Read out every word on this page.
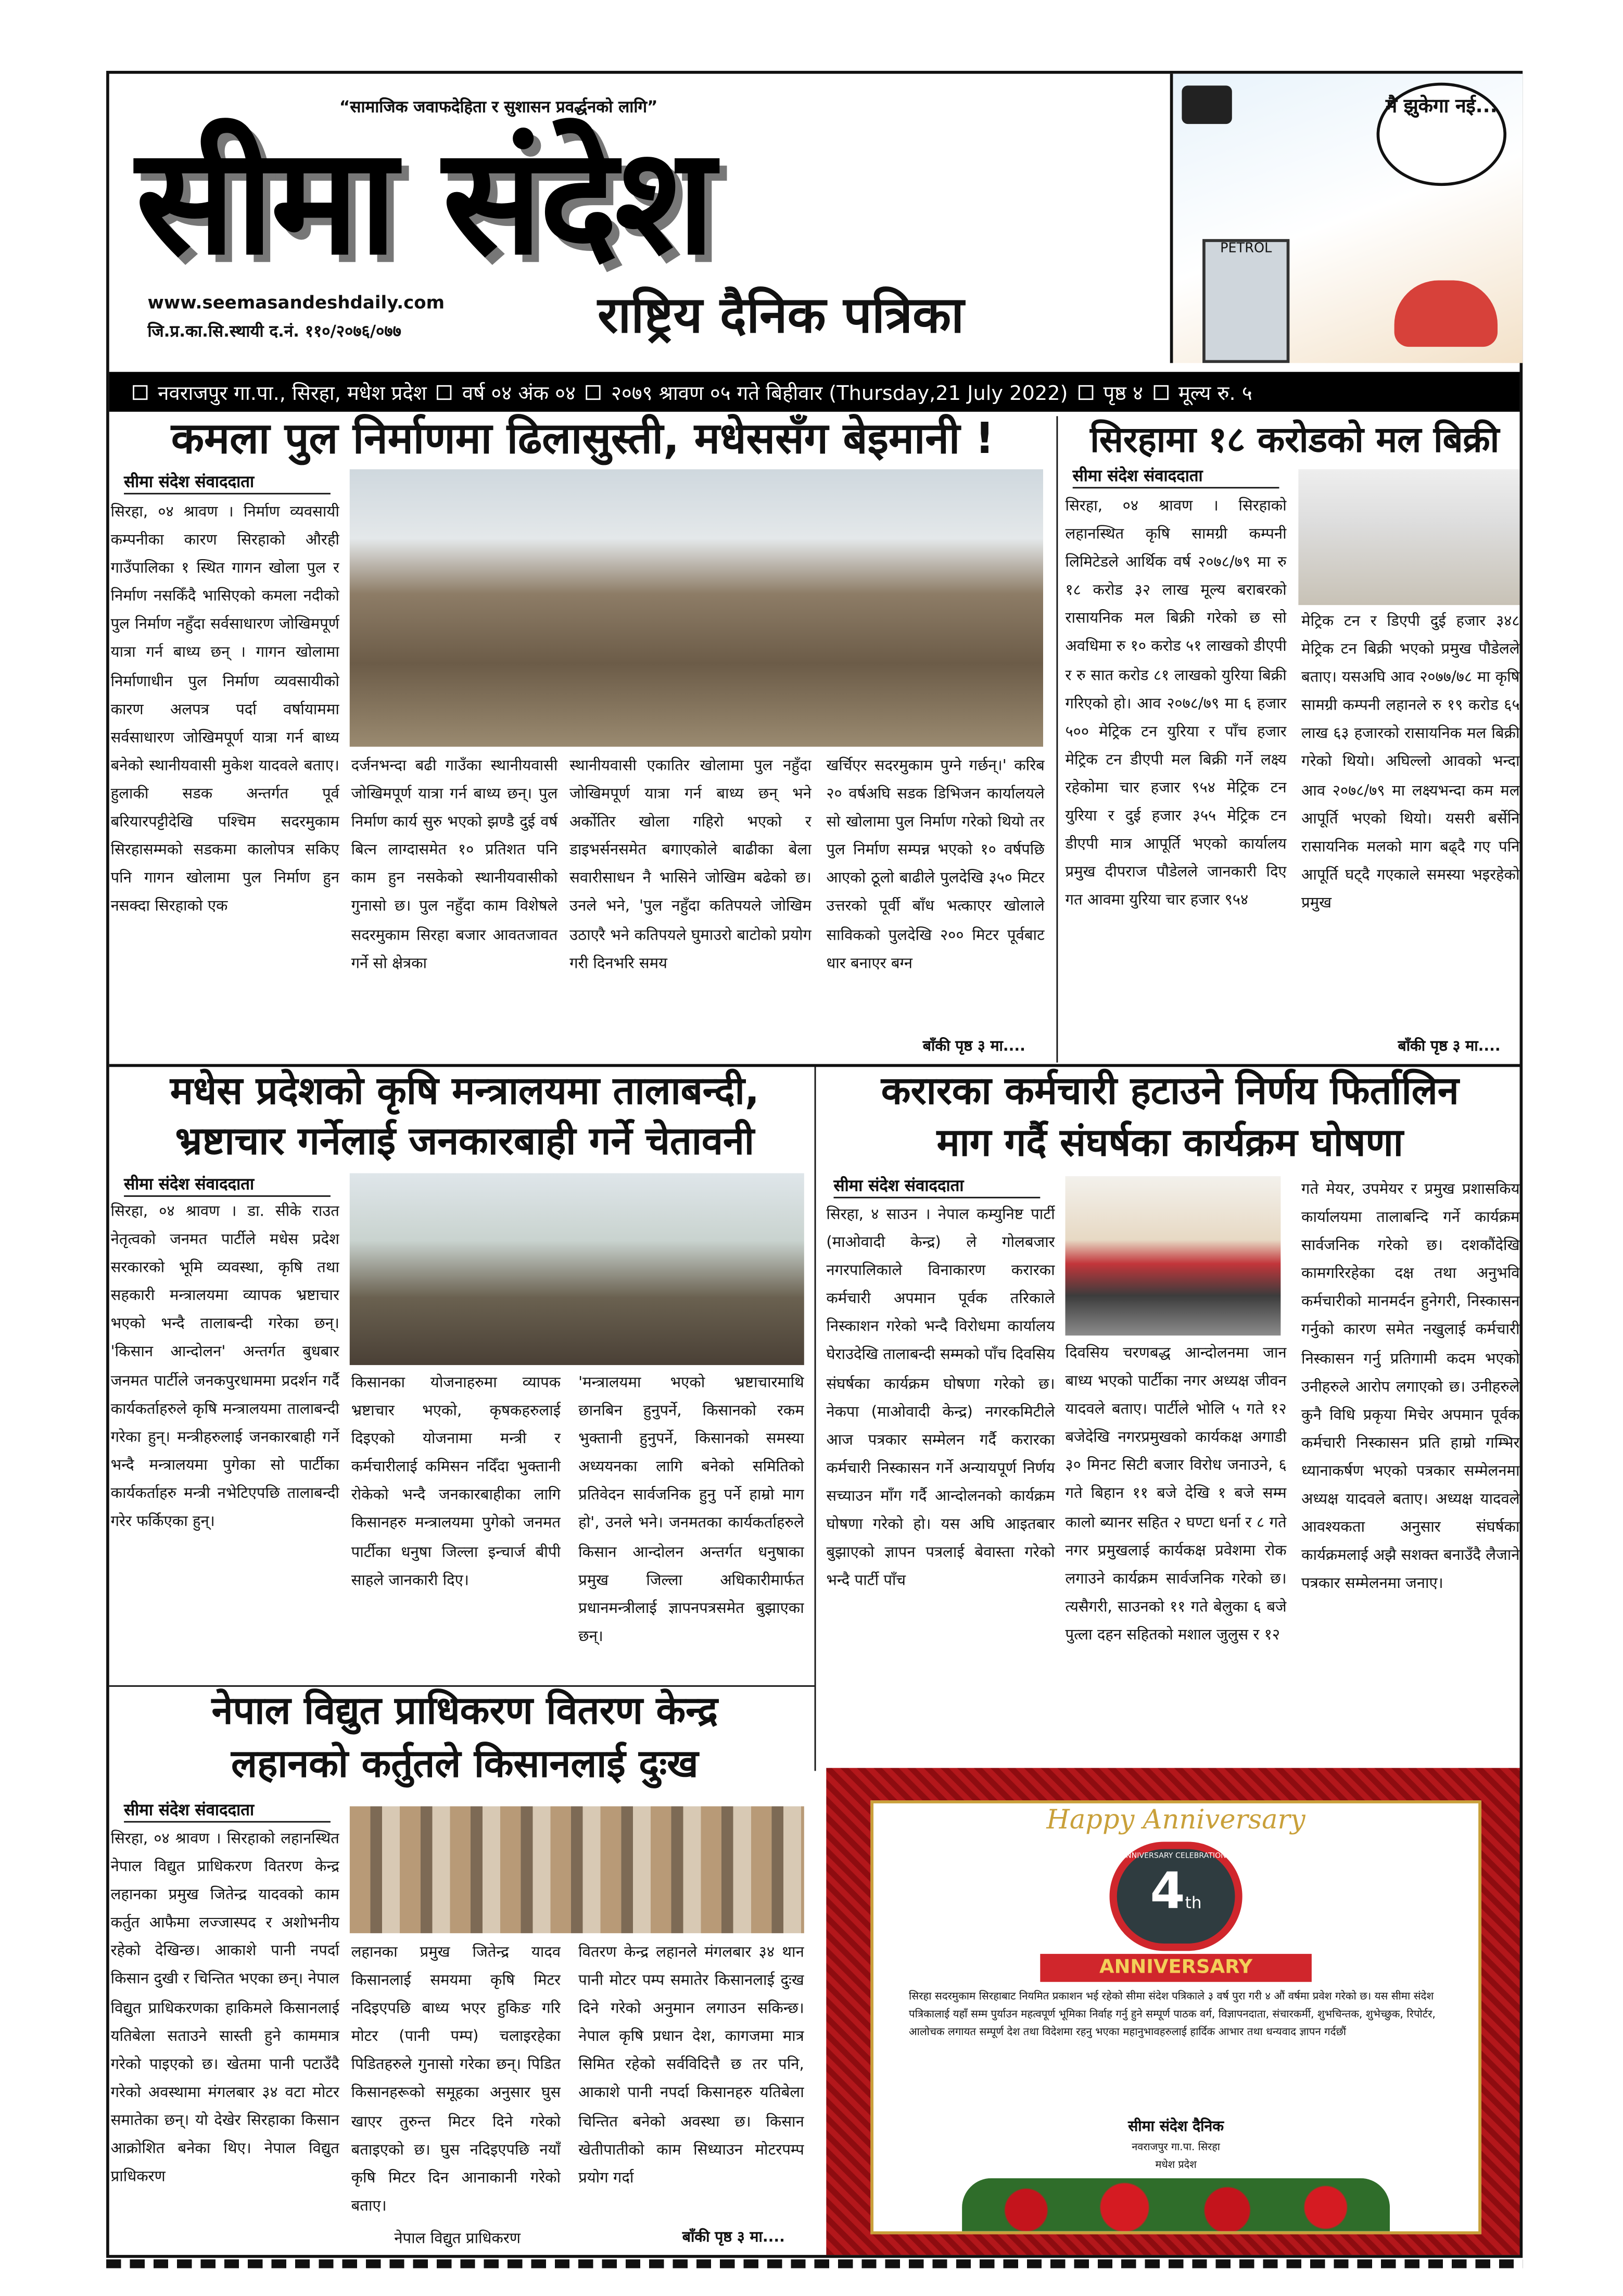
“सामाजिक जवाफदेहिता र सुशासन प्रवर्द्धनको लागि”
सीमा संदेश
www.seemasandeshdaily.com
जि.प्र.का.सि.स्थायी द.नं. ११०/२०७६/०७७	राष्ट्रिय दैनिक पत्रिका
मै झुकेगा नई...
PETROL
नवराजपुर गा.पा., सिरहा, मधेश प्रदेश	वर्ष ०४ अंक ०४	२०७९ श्रावण ०५ गते बिहीवार (Thursday,21 July 2022)	पृष्ठ ४	मूल्य रु. ५
कमला पुल निर्माणमा ढिलासुस्ती, मधेससँग बेइमानी !
सीमा संदेश संवाददाता
सिरहा, ०४ श्रावण । निर्माण व्यवसायी कम्पनीका कारण सिरहाको औरही गाउँपालिका १ स्थित गागन खोला पुल र निर्माण नसकिँदै भासिएको कमला नदीको पुल निर्माण नहुँदा सर्वसाधारण जोखिमपूर्ण यात्रा गर्न बाध्य छन् । गागन खोलामा निर्माणाधीन पुल निर्माण व्यवसायीको कारण अलपत्र पर्दा वर्षायाममा सर्वसाधारण जोखिमपूर्ण यात्रा गर्न बाध्य बनेको स्थानीयवासी मुकेश यादवले बताए। हुलाकी सडक अन्तर्गत पूर्व बरियारपट्टीदेखि पश्चिम सदरमुकाम सिरहासम्मको सडकमा कालोपत्र सकिए पनि गागन खोलामा पुल निर्माण हुन नसक्दा सिरहाको एक
दर्जनभन्दा बढी गाउँका स्थानीयवासी जोखिमपूर्ण यात्रा गर्न बाध्य छन्। पुल निर्माण कार्य सुरु भएको झण्डै दुई वर्ष बित्न लाग्दासमेत १० प्रतिशत पनि काम हुन नसकेको स्थानीयवासीको गुनासो छ। पुल नहुँदा काम विशेषले सदरमुकाम सिरहा बजार आवतजावत गर्ने सो क्षेत्रका
स्थानीयवासी एकातिर खोलामा पुल नहुँदा जोखिमपूर्ण यात्रा गर्न बाध्य छन् भने अर्कोतिर खोला गहिरो भएको र डाइभर्सनसमेत बगाएकोले बाढीका बेला सवारीसाधन नै भासिने जोखिम बढेको छ। उनले भने, 'पुल नहुँदा कतिपयले जोखिम उठाएरै भने कतिपयले घुमाउरो बाटोको प्रयोग गरी दिनभरि समय
खर्चिएर सदरमुकाम पुग्ने गर्छन्।' करिब २० वर्षअघि सडक डिभिजन कार्यालयले सो खोलामा पुल निर्माण गरेको थियो तर पुल निर्माण सम्पन्न भएको १० वर्षपछि आएको ठूलो बाढीले पुलदेखि ३५० मिटर उत्तरको पूर्वी बाँध भत्काएर खोलाले साविकको पुलदेखि २०० मिटर पूर्वबाट धार बनाएर बग्न
बाँकी पृष्ठ ३ मा....
सिरहामा १८ करोडको मल बिक्री
सीमा संदेश संवाददाता
सिरहा, ०४ श्रावण । सिरहाको लहानस्थित कृषि सामग्री कम्पनी लिमिटेडले आर्थिक वर्ष २०७८/७९ मा रु १८ करोड ३२ लाख मूल्य बराबरको रासायनिक मल बिक्री गरेको छ सो अवधिमा रु १० करोड ५१ लाखको डीएपी र रु सात करोड ८१ लाखको युरिया बिक्री गरिएको हो। आव २०७८/७९ मा ६ हजार ५०० मेट्रिक टन युरिया र पाँच हजार मेट्रिक टन डीएपी मल बिक्री गर्ने लक्ष्य रहेकोमा चार हजार ९५४ मेट्रिक टन युरिया र दुई हजार ३५५ मेट्रिक टन डीएपी मात्र आपूर्ति भएको कार्यालय प्रमुख दीपराज पौडेलले जानकारी दिए गत आवमा युरिया चार हजार ९५४
मेट्रिक टन र डिएपी दुई हजार ३४८ मेट्रिक टन बिक्री भएको प्रमुख पौडेलले बताए। यसअघि आव २०७७/७८ मा कृषि सामग्री कम्पनी लहानले रु १९ करोड ६५ लाख ६३ हजारको रासायनिक मल बिक्री गरेको थियो। अघिल्लो आवको भन्दा आव २०७८/७९ मा लक्ष्यभन्दा कम मल आपूर्ति भएको थियो। यसरी बर्सेनि रासायनिक मलको माग बढ्दै गए पनि आपूर्ति घट्दै गएकाले समस्या भइरहेको प्रमुख
बाँकी पृष्ठ ३ मा....
मधेस प्रदेशको कृषि मन्त्रालयमा तालाबन्दी,
भ्रष्टाचार गर्नेलाई जनकारबाही गर्ने चेतावनी
सीमा संदेश संवाददाता
सिरहा, ०४ श्रावण । डा. सीके राउत नेतृत्वको जनमत पार्टीले मधेस प्रदेश सरकारको भूमि व्यवस्था, कृषि तथा सहकारी मन्त्रालयमा व्यापक भ्रष्टाचार भएको भन्दै तालाबन्दी गरेका छन्। 'किसान आन्दोलन' अन्तर्गत बुधबार जनमत पार्टीले जनकपुरधाममा प्रदर्शन गर्दै कार्यकर्ताहरुले कृषि मन्त्रालयमा तालाबन्दी गरेका हुन्। मन्त्रीहरुलाई जनकारबाही गर्ने भन्दै मन्त्रालयमा पुगेका सो पार्टीका कार्यकर्ताहरु मन्त्री नभेटिएपछि तालाबन्दी गरेर फर्किएका हुन्।
किसानका योजनाहरुमा व्यापक भ्रष्टाचार भएको, कृषकहरुलाई दिइएको योजनामा मन्त्री र कर्मचारीलाई कमिसन नदिँदा भुक्तानी रोकेको भन्दै जनकारबाहीका लागि किसानहरु मन्त्रालयमा पुगेको जनमत पार्टीका धनुषा जिल्ला इन्चार्ज बीपी साहले जानकारी दिए।
'मन्त्रालयमा भएको भ्रष्टाचारमाथि छानबिन हुनुपर्ने, किसानको रकम भुक्तानी हुनुपर्ने, किसानको समस्या अध्ययनका लागि बनेको समितिको प्रतिवेदन सार्वजनिक हुनु पर्ने हाम्रो माग हो', उनले भने। जनमतका कार्यकर्ताहरुले किसान आन्दोलन अन्तर्गत धनुषाका प्रमुख जिल्ला अधिकारीमार्फत प्रधानमन्त्रीलाई ज्ञापनपत्रसमेत बुझाएका छन्।
करारका कर्मचारी हटाउने निर्णय फिर्तालिन
माग गर्दै संघर्षका कार्यक्रम घोषणा
सीमा संदेश संवाददाता
सिरहा, ४ साउन । नेपाल कम्युनिष्ट पार्टी (माओवादी केन्द्र) ले गोलबजार नगरपालिकाले विनाकारण करारका कर्मचारी अपमान पूर्वक तरिकाले निस्काशन गरेको भन्दै विरोधमा कार्यालय घेराउदेखि तालाबन्दी सम्मको पाँच दिवसिय संघर्षका कार्यक्रम घोषणा गरेको छ। नेकपा (माओवादी केन्द्र) नगरकमिटीले आज पत्रकार सम्मेलन गर्दै करारका कर्मचारी निस्कासन गर्ने अन्यायपूर्ण निर्णय सच्याउन माँग गर्दै आन्दोलनको कार्यक्रम घोषणा गरेको हो। यस अघि आइतबार बुझाएको ज्ञापन पत्रलाई बेवास्ता गरेको भन्दै पार्टी पाँच
दिवसिय चरणबद्ध आन्दोलनमा जान बाध्य भएको पार्टीका नगर अध्यक्ष जीवन यादवले बताए। पार्टीले भोलि ५ गते १२ बजेदेखि नगरप्रमुखको कार्यकक्ष अगाडी ३० मिनट सिटी बजार विरोध जनाउने, ६ गते बिहान ११ बजे देखि १ बजे सम्म कालो ब्यानर सहित २ घण्टा धर्ना र ८ गते नगर प्रमुखलाई कार्यकक्ष प्रवेशमा रोक लगाउने कार्यक्रम सार्वजनिक गरेको छ। त्यसैगरी, साउनको ११ गते बेलुका ६ बजे पुत्ला दहन सहितको मशाल जुलुस र १२
गते मेयर, उपमेयर र प्रमुख प्रशासकिय कार्यालयमा तालाबन्दि गर्ने कार्यक्रम सार्वजनिक गरेको छ। दशकौंदेखि कामगरिरहेका दक्ष तथा अनुभवि कर्मचारीको मानमर्दन हुनेगरी, निस्कासन गर्नुको कारण समेत नखुलाई कर्मचारी निस्कासन गर्नु प्रतिगामी कदम भएको उनीहरुले आरोप लगाएको छ। उनीहरुले कुनै विधि प्रकृया मिचेर अपमान पूर्वक कर्मचारी निस्कासन प्रति हाम्रो गम्भिर ध्यानाकर्षण भएको पत्रकार सम्मेलनमा अध्यक्ष यादवले बताए। अध्यक्ष यादवले आवश्यकता अनुसार संघर्षका कार्यक्रमलाई अझै सशक्त बनाउँदै लैजाने पत्रकार सम्मेलनमा जनाए।
नेपाल विद्युत प्राधिकरण वितरण केन्द्र
लहानको कर्तुतले किसानलाई दुःख
सीमा संदेश संवाददाता
सिरहा, ०४ श्रावण । सिरहाको लहानस्थित नेपाल विद्युत प्राधिकरण वितरण केन्द्र लहानका प्रमुख जितेन्द्र यादवको काम कर्तुत आफैमा लज्जास्पद र अशोभनीय रहेको देखिन्छ। आकाशे पानी नपर्दा किसान दुखी र चिन्तित भएका छन्। नेपाल विद्युत प्राधिकरणका हाकिमले किसानलाई यतिबेला सताउने सास्ती हुने काममात्र गरेको पाइएको छ। खेतमा पानी पटाउँदै गरेको अवस्थामा मंगलबार ३४ वटा मोटर समातेका छन्। यो देखेर सिरहाका किसान आक्रोशित बनेका थिए। नेपाल विद्युत प्राधिकरण
लहानका प्रमुख जितेन्द्र यादव किसानलाई समयमा कृषि मिटर नदिइएपछि बाध्य भएर हुकिङ गरि मोटर (पानी पम्प) चलाइरहेका पिडितहरुले गुनासो गरेका छन्। पिडित किसानहरूको समूहका अनुसार घुस खाएर तुरुन्त मिटर दिने गरेको बताइएको छ। घुस नदिइएपछि नयाँ कृषि मिटर दिन आनाकानी गरेको बताए।
नेपाल विद्युत प्राधिकरण
वितरण केन्द्र लहानले मंगलबार ३४ थान पानी मोटर पम्प समातेर किसानलाई दुःख दिने गरेको अनुमान लगाउन सकिन्छ। नेपाल कृषि प्रधान देश, कागजमा मात्र सिमित रहेको सर्वविदित्तै छ तर पनि, आकाशे पानी नपर्दा किसानहरु यतिबेला चिन्तित बनेको अवस्था छ। किसान खेतीपातीको काम सिध्याउन मोटरपम्प प्रयोग गर्दा
बाँकी पृष्ठ ३ मा....
Happy Anniversary
ANNIVERSARY CELEBRATIONS
4th
ANNIVERSARY
सिरहा सदरमुकाम सिरहाबाट नियमित प्रकाशन भई रहेको सीमा संदेश पत्रिकाले ३ वर्ष पुरा गरी ४ औं वर्षमा प्रवेश गरेको छ। यस सीमा संदेश पत्रिकालाई यहाँ सम्म पुर्याउन महत्वपूर्ण भूमिका निर्वाह गर्नु हुने सम्पूर्ण पाठक वर्ग, विज्ञापनदाता, संचारकर्मी, शुभचिन्तक, शुभेच्छुक, रिपोर्टर, आलोचक लगायत सम्पूर्ण देश तथा विदेशमा रहनु भएका महानुभावहरुलाई हार्दिक आभार तथा धन्यवाद ज्ञापन गर्दछौं
सीमा संदेश दैनिक
नवराजपुर गा.पा. सिरहा
मधेश प्रदेश
